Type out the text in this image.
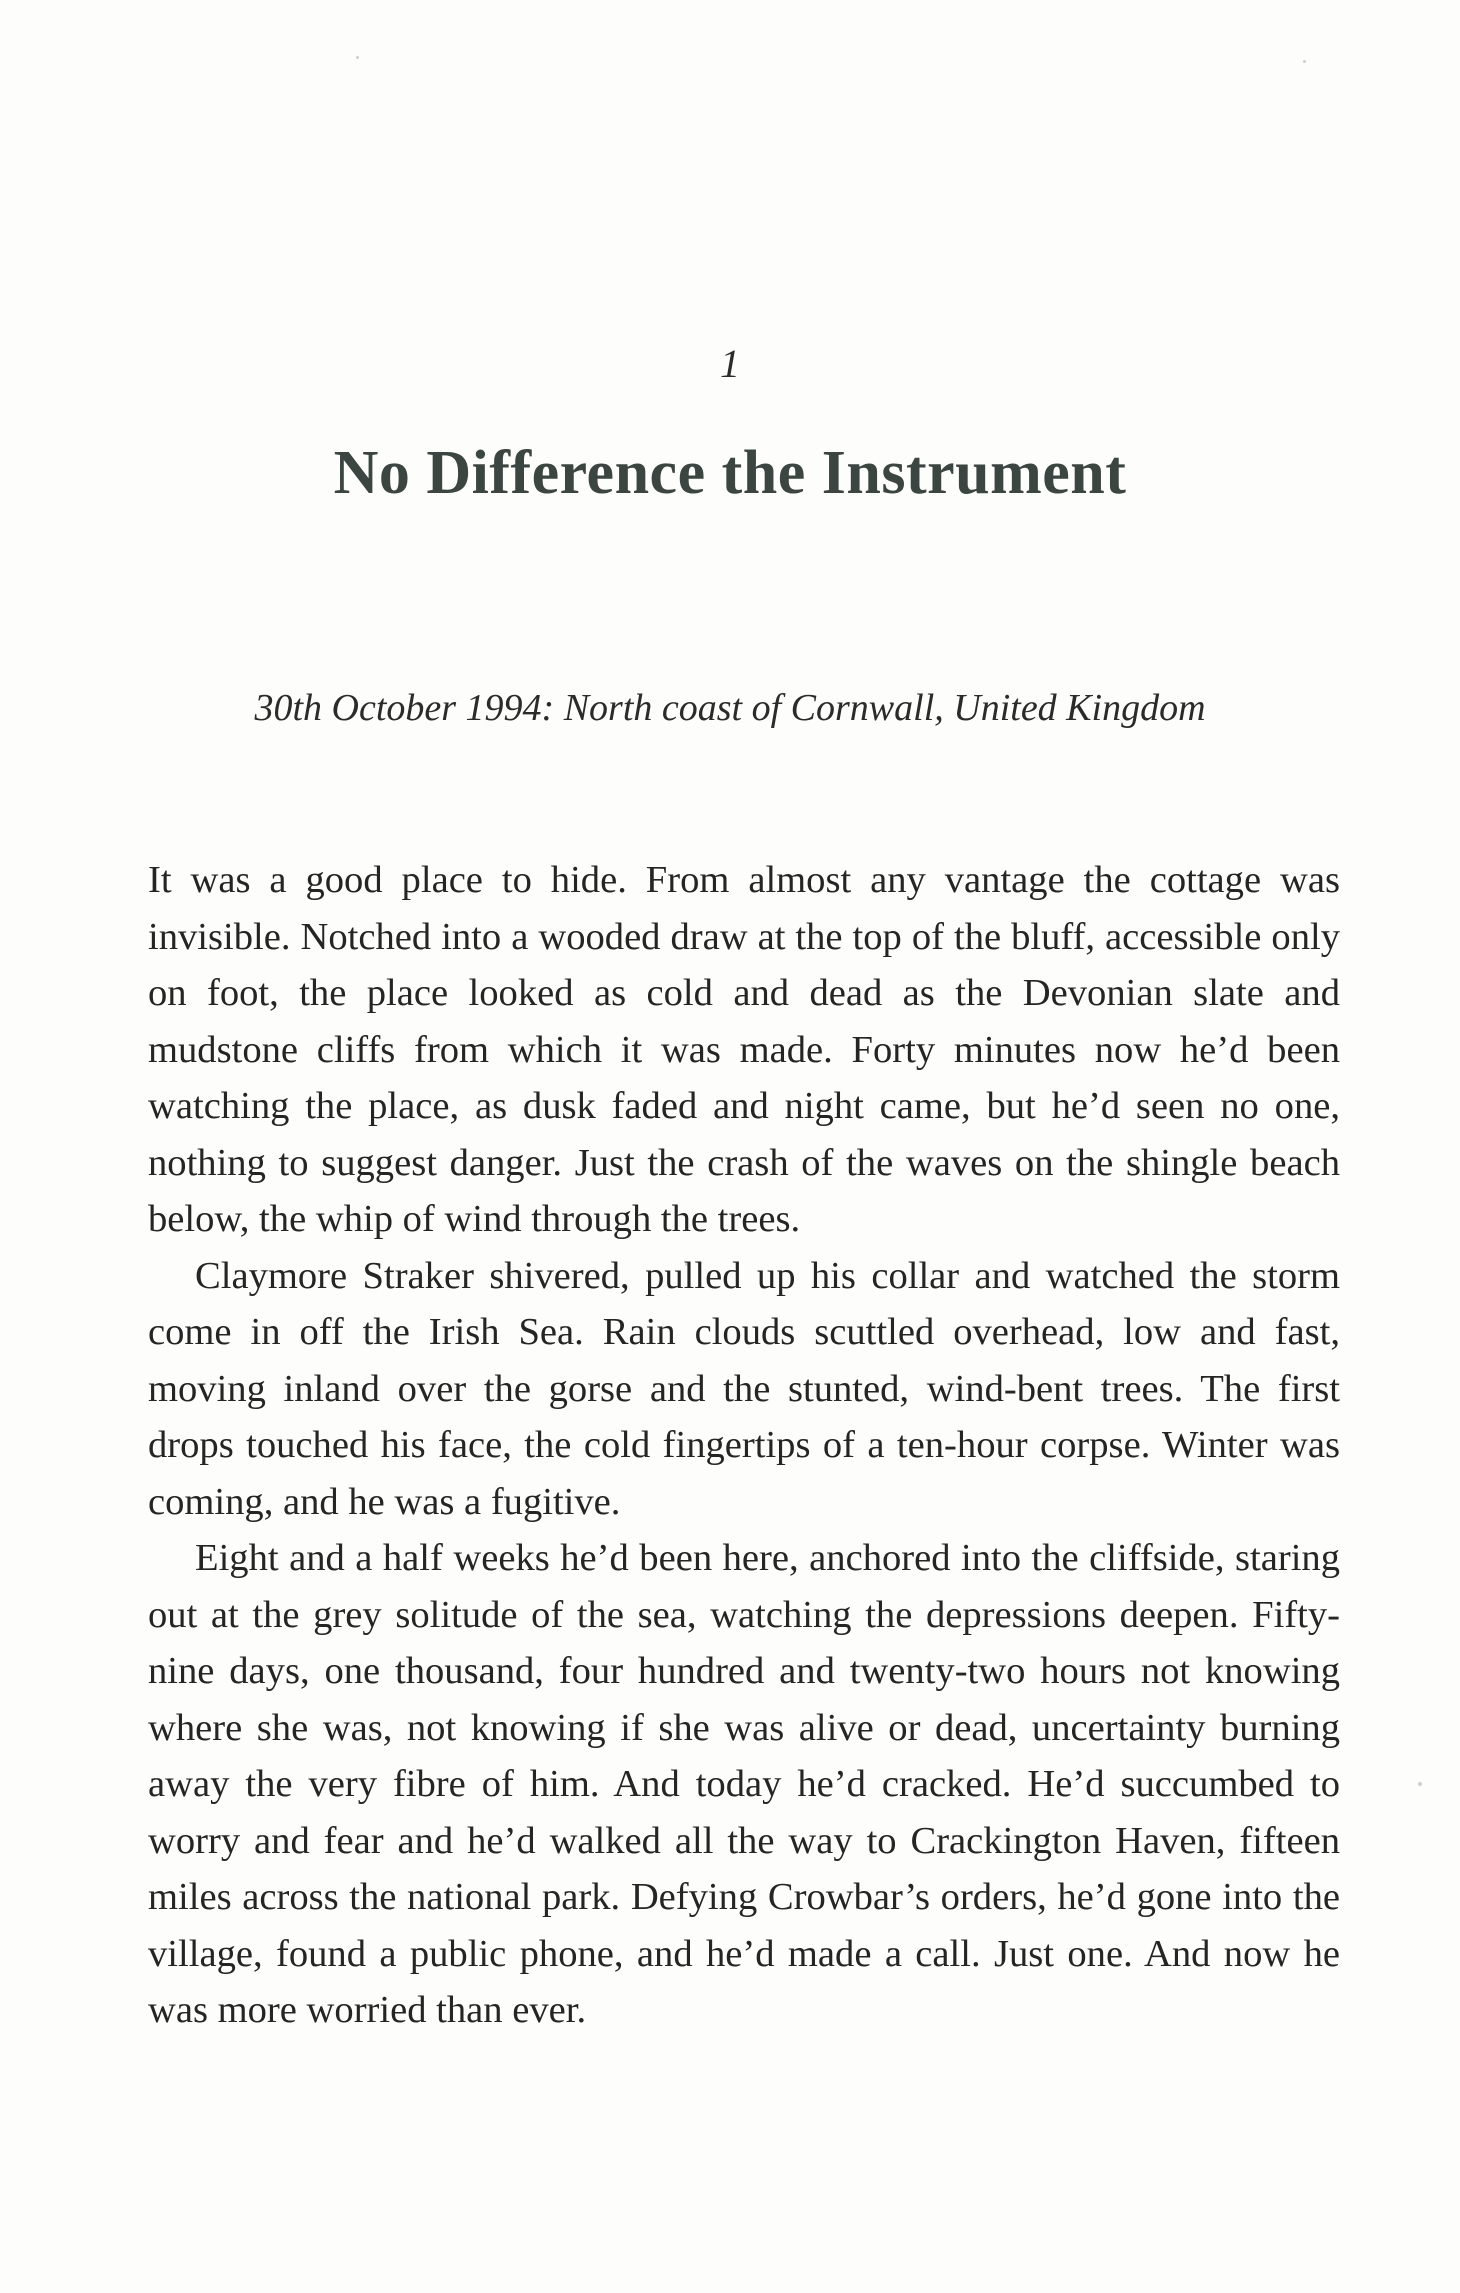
1
No Difference the Instrument
30th October 1994: North coast of Cornwall, United Kingdom

It was a good place to hide. From almost any vantage the cottage was invisible. Notched into a wooded draw at the top of the bluff, accessible only on foot, the place looked as cold and dead as the Devonian slate and mudstone cliffs from which it was made. Forty minutes now he’d been watching the place, as dusk faded and night came, but he’d seen no one, nothing to suggest danger. Just the crash of the waves on the shingle beach below, the whip of wind through the trees.

Claymore Straker shivered, pulled up his collar and watched the storm come in off the Irish Sea. Rain clouds scuttled overhead, low and fast, moving inland over the gorse and the stunted, wind-bent trees. The first drops touched his face, the cold fingertips of a ten-hour corpse. Winter was coming, and he was a fugitive.

Eight and a half weeks he’d been here, anchored into the cliffside, staring out at the grey solitude of the sea, watching the depressions deepen. Fifty-nine days, one thousand, four hundred and twenty-two hours not knowing where she was, not knowing if she was alive or dead, uncertainty burning away the very fibre of him. And today he’d cracked. He’d succumbed to worry and fear and he’d walked all the way to Crackington Haven, fifteen miles across the national park. Defying Crowbar’s orders, he’d gone into the village, found a public phone, and he’d made a call. Just one. And now he was more worried than ever.
